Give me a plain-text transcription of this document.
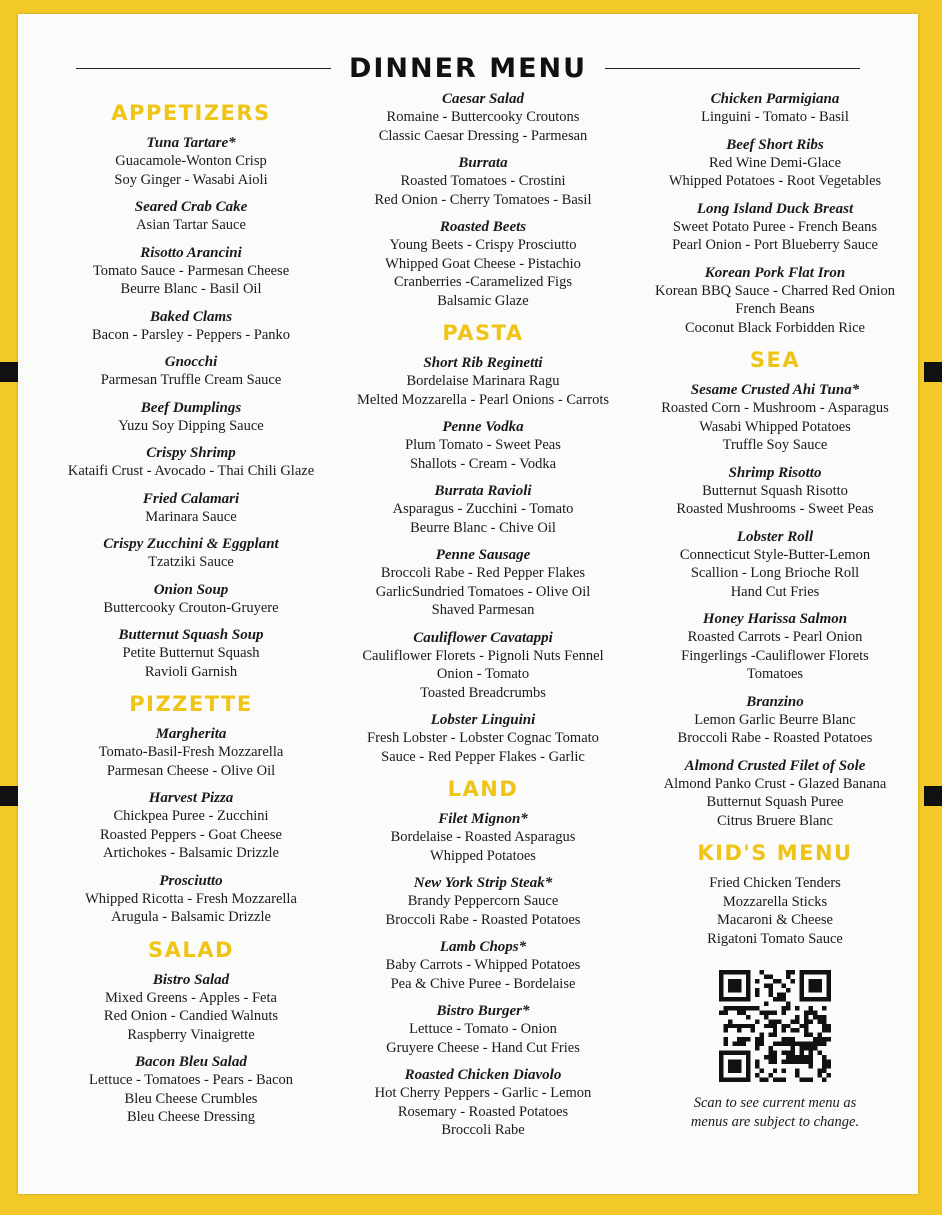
DINNER MENU
APPETIZERS
Tuna Tartare*
Guacamole-Wonton Crisp
Soy Ginger - Wasabi Aioli
Seared Crab Cake
Asian Tartar Sauce
Risotto Arancini
Tomato Sauce - Parmesan Cheese
Beurre Blanc - Basil Oil
Baked Clams
Bacon - Parsley - Peppers - Panko
Gnocchi
Parmesan Truffle Cream Sauce
Beef Dumplings
Yuzu Soy Dipping Sauce
Crispy Shrimp
Kataifi Crust - Avocado - Thai Chili Glaze
Fried Calamari
Marinara Sauce
Crispy Zucchini & Eggplant
Tzatziki Sauce
Onion Soup
Buttercooky Crouton-Gruyere
Butternut Squash Soup
Petite Butternut Squash
Ravioli Garnish
PIZZETTE
Margherita
Tomato-Basil-Fresh Mozzarella
Parmesan Cheese - Olive Oil
Harvest Pizza
Chickpea Puree - Zucchini
Roasted Peppers - Goat Cheese
Artichokes - Balsamic Drizzle
Prosciutto
Whipped Ricotta - Fresh Mozzarella
Arugula - Balsamic Drizzle
SALAD
Bistro Salad
Mixed Greens - Apples - Feta
Red Onion - Candied Walnuts
Raspberry Vinaigrette
Bacon Bleu Salad
Lettuce - Tomatoes - Pears - Bacon
Bleu Cheese Crumbles
Bleu Cheese Dressing
Caesar Salad
Romaine - Buttercooky Croutons
Classic Caesar Dressing - Parmesan
Burrata
Roasted Tomatoes - Crostini
Red Onion - Cherry Tomatoes - Basil
Roasted Beets
Young Beets - Crispy Prosciutto
Whipped Goat Cheese - Pistachio
Cranberries -Caramelized Figs
Balsamic Glaze
PASTA
Short Rib Reginetti
Bordelaise Marinara Ragu
Melted Mozzarella - Pearl Onions - Carrots
Penne Vodka
Plum Tomato - Sweet Peas
Shallots - Cream - Vodka
Burrata Ravioli
Asparagus - Zucchini - Tomato
Beurre Blanc - Chive Oil
Penne Sausage
Broccoli Rabe - Red Pepper Flakes
GarlicSundried Tomatoes - Olive Oil
Shaved Parmesan
Cauliflower Cavatappi
Cauliflower Florets - Pignoli Nuts Fennel
Onion - Tomato
Toasted Breadcrumbs
Lobster Linguini
Fresh Lobster - Lobster Cognac Tomato
Sauce - Red Pepper Flakes - Garlic
LAND
Filet Mignon*
Bordelaise - Roasted Asparagus
Whipped Potatoes
New York Strip Steak*
Brandy Peppercorn Sauce
Broccoli Rabe - Roasted Potatoes
Lamb Chops*
Baby Carrots - Whipped Potatoes
Pea & Chive Puree - Bordelaise
Bistro Burger*
Lettuce - Tomato - Onion
Gruyere Cheese - Hand Cut Fries
Roasted Chicken Diavolo
Hot Cherry Peppers - Garlic - Lemon
Rosemary - Roasted Potatoes
Broccoli Rabe
Chicken Parmigiana
Linguini - Tomato - Basil
Beef Short Ribs
Red Wine Demi-Glace
Whipped Potatoes - Root Vegetables
Long Island Duck Breast
Sweet Potato Puree - French Beans
Pearl Onion - Port Blueberry Sauce
Korean Pork Flat Iron
Korean BBQ Sauce - Charred Red Onion
French Beans
Coconut Black Forbidden Rice
SEA
Sesame Crusted Ahi Tuna*
Roasted Corn - Mushroom - Asparagus
Wasabi Whipped Potatoes
Truffle Soy Sauce
Shrimp Risotto
Butternut Squash Risotto
Roasted Mushrooms - Sweet Peas
Lobster Roll
Connecticut Style-Butter-Lemon
Scallion - Long Brioche Roll
Hand Cut Fries
Honey Harissa Salmon
Roasted Carrots - Pearl Onion
Fingerlings -Cauliflower Florets
Tomatoes
Branzino
Lemon Garlic Beurre Blanc
Broccoli Rabe - Roasted Potatoes
Almond Crusted Filet of Sole
Almond Panko Crust - Glazed Banana
Butternut Squash Puree
Citrus Bruere Blanc
KID'S MENU
Fried Chicken Tenders
Mozzarella Sticks
Macaroni & Cheese
Rigatoni Tomato Sauce
Scan to see current menu as
menus are subject to change.
